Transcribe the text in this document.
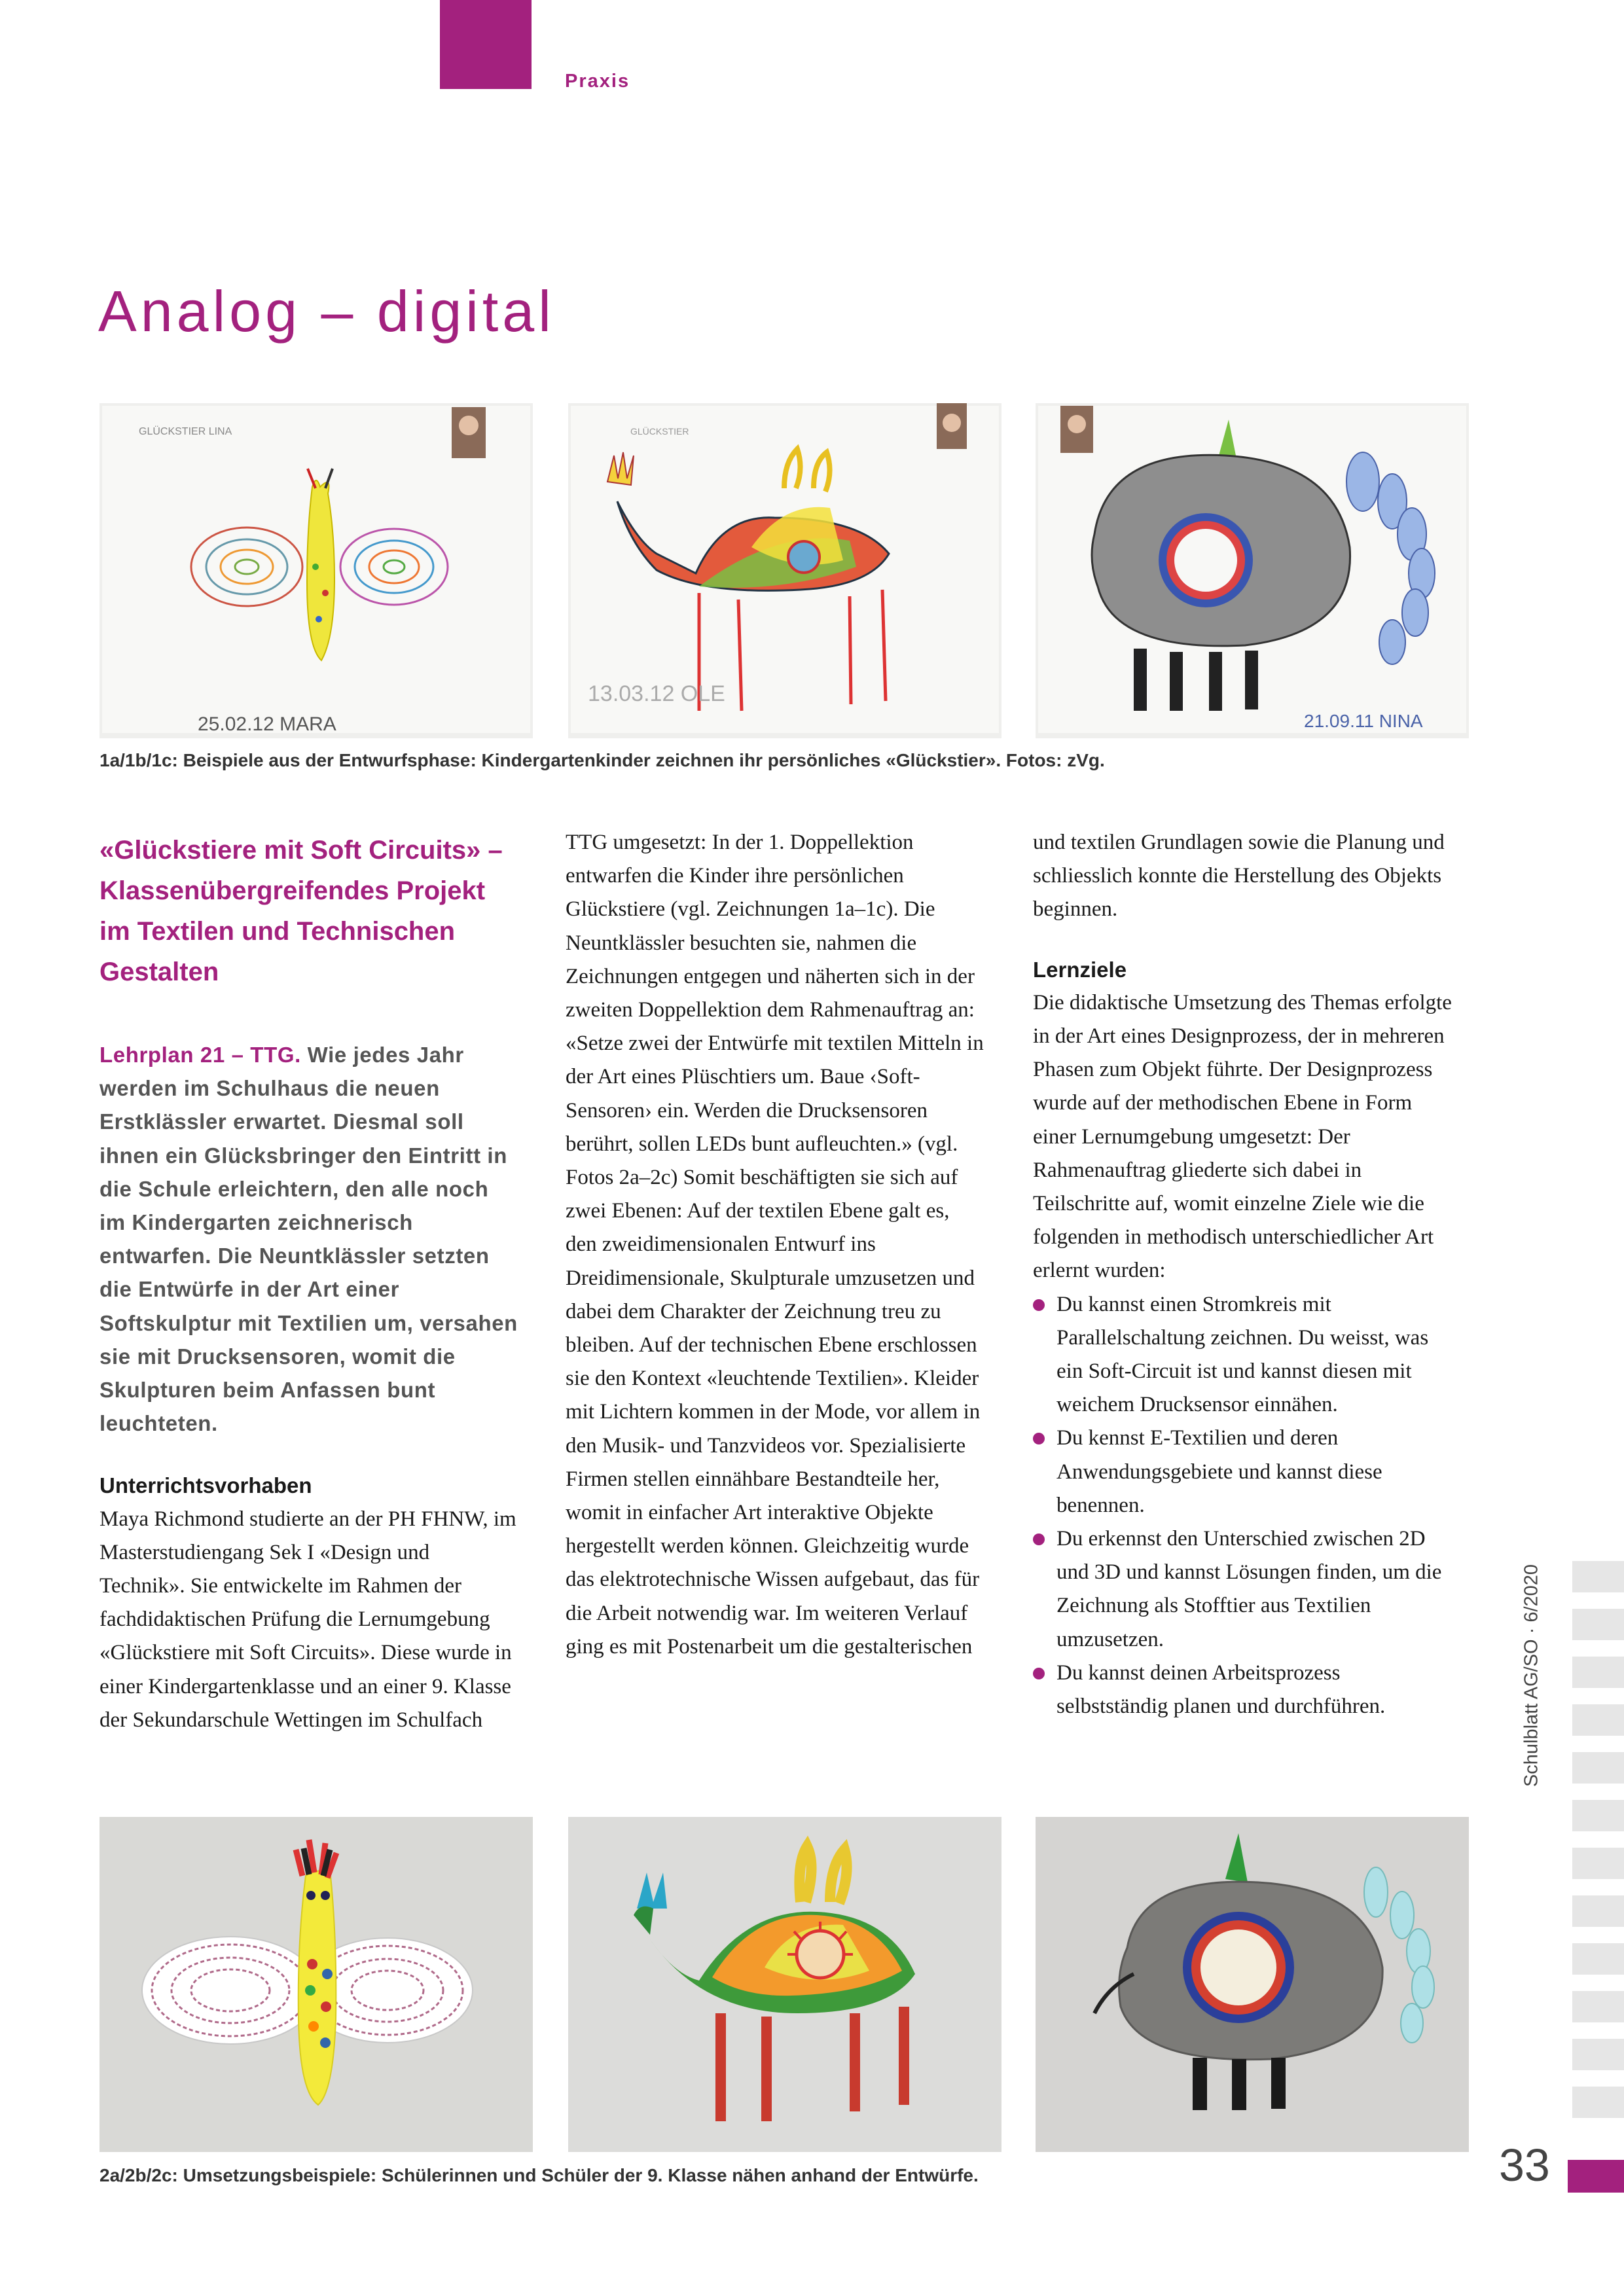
Praxis
Analog – digital
GLÜCKSTIER LINA
25.02.12 MARA
GLÜCKSTIER
13.03.12 OLE
21.09.11 NINA
1a/1b/1c: Beispiele aus der Entwurfsphase: Kindergartenkinder zeichnen ihr persönliches «Glückstier». Fotos: zVg.

«Glückstiere mit Soft Circuits» –

Klassenübergreifendes Projekt

im Textilen und Technischen

Gestalten

Lehrplan 21 – TTG. Wie jedes Jahr werden im Schulhaus die neuen Erstklässler erwartet. Diesmal soll ihnen ein Glücksbringer den Eintritt in die Schule erleichtern, den alle noch im Kindergarten zeichnerisch entwarfen. Die Neuntklässler setzten die Entwürfe in der Art einer Softskulptur mit Textilien um, versahen sie mit Drucksensoren, womit die Skulpturen beim Anfassen bunt leuchteten.

Unterrichtsvorhaben

Maya Richmond studierte an der PH FHNW, im Masterstudiengang Sek I «Design und Technik». Sie entwickelte im Rahmen der fachdidaktischen Prüfung die Lernumgebung «Glückstiere mit Soft Circuits». Diese wurde in einer Kindergartenklasse und an einer 9. Klasse der Sekundarschule Wettingen im Schulfach

TTG umgesetzt: In der 1. Doppellektion entwarfen die Kinder ihre persönlichen Glückstiere (vgl. Zeichnungen 1a–1c). Die Neuntklässler besuchten sie, nahmen die Zeichnungen entgegen und näherten sich in der zweiten Doppellektion dem Rahmenauftrag an: «Setze zwei der Entwürfe mit textilen Mitteln in der Art eines Plüschtiers um. Baue ‹Soft-Sensoren› ein. Werden die Drucksensoren berührt, sollen LEDs bunt aufleuchten.» (vgl. Fotos 2a–2c) Somit beschäftigten sie sich auf zwei Ebenen: Auf der textilen Ebene galt es, den zweidimensionalen Entwurf ins Dreidimensionale, Skulpturale umzusetzen und dabei dem Charakter der Zeichnung treu zu bleiben. Auf der technischen Ebene erschlossen sie den Kontext «leuchtende Textilien». Kleider mit Lichtern kommen in der Mode, vor allem in den Musik- und Tanzvideos vor. Spezialisierte Firmen stellen einnähbare Bestandteile her, womit in einfacher Art interaktive Objekte hergestellt werden können. Gleichzeitig wurde das elektrotechnische Wissen aufgebaut, das für die Arbeit notwendig war. Im weiteren Verlauf ging es mit Postenarbeit um die gestalterischen

und textilen Grundlagen sowie die Planung und schliesslich konnte die Herstellung des Objekts beginnen.

Lernziele

Die didaktische Umsetzung des Themas erfolgte in der Art eines Designprozess, der in mehreren Phasen zum Objekt führte. Der Designprozess wurde auf der methodischen Ebene in Form einer Lernumgebung umgesetzt: Der Rahmenauftrag gliederte sich dabei in Teilschritte auf, womit einzelne Ziele wie die folgenden in methodisch unterschiedlicher Art erlernt wurden:

Du kannst einen Stromkreis mit Parallelschaltung zeichnen. Du weisst, was ein Soft-Circuit ist und kannst diesen mit weichem Drucksensor einnähen.
Du kennst E-Textilien und deren Anwendungsgebiete und kannst diese benennen.
Du erkennst den Unterschied zwischen 2D und 3D und kannst Lösungen finden, um die Zeichnung als Stofftier aus Textilien umzusetzen.
Du kannst deinen Arbeitsprozess selbstständig planen und durchführen.
2a/2b/2c: Umsetzungsbeispiele: Schülerinnen und Schüler der 9. Klasse nähen anhand der Entwürfe.
Schulblatt AG/SO · 6/2020
33
